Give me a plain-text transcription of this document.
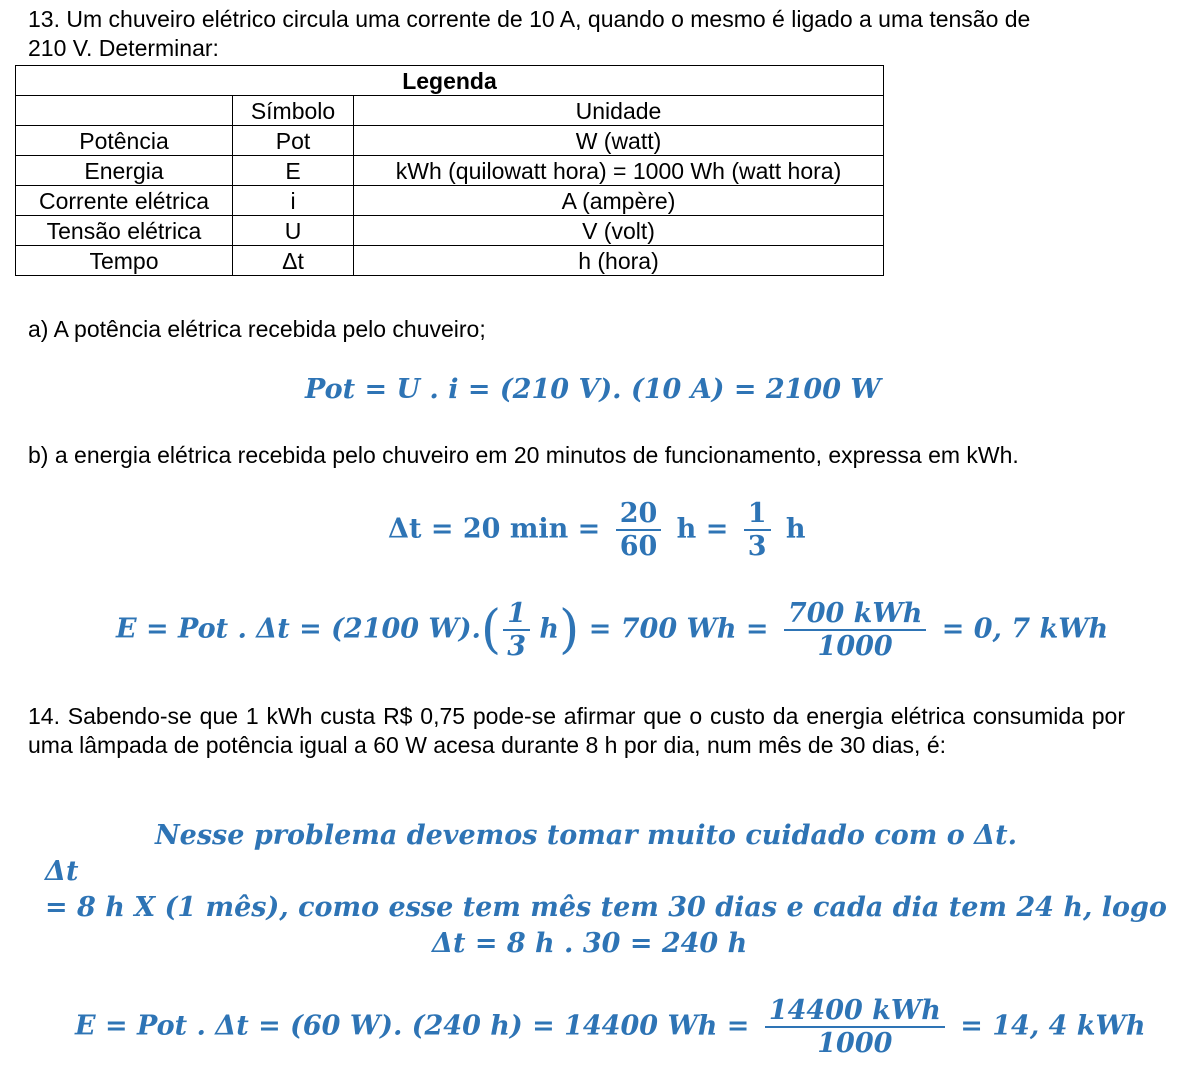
13. Um chuveiro elétrico circula uma corrente de 10 A, quando o mesmo é ligado a uma tensão de
210 V. Determinar:
Legenda		
	Símbolo	Unidade
Potência	Pot	W (watt)
Energia	E	kWh (quilowatt hora) = 1000 Wh (watt hora)
Corrente elétrica	i	A (ampère)
Tensão elétrica	U	V (volt)
Tempo	Δt	h (hora)
a) A potência elétrica recebida pelo chuveiro;
Pot = U . i = (210 V). (10 A) = 2100 W
b) a energia elétrica recebida pelo chuveiro em 20 minutos de funcionamento, expressa em kWh.
Δt = 20 $\min = \frac{20}{60}$ $h = \frac{1}{3}$ h
E = Pot . Δt = (2100 $W).( \frac{1}{3} h) = 700$ $Wh = \frac{\text{700 kWh}}{1000} = 0$, 7 kWh
14. Sabendo-se que 1 kWh custa R$ 0,75 pode-se afirmar que o custo da energia elétrica consumida por uma lâmpada de potência igual a 60 W acesa durante 8 h por dia, num mês de 30 dias, é:
Nesse problema devemos tomar muito cuidado com o Δt.
Δt
= 8 h X (1 mês), como esse tem mês tem 30 dias e cada dia tem 24 h, logo
Δt = 8 h . 30 = 240 h
E = Pot . Δt = (60 W). (240 h) = 14400 $Wh = \frac{\text{14400 kWh}}{1000} = 14$, 4 kWh
